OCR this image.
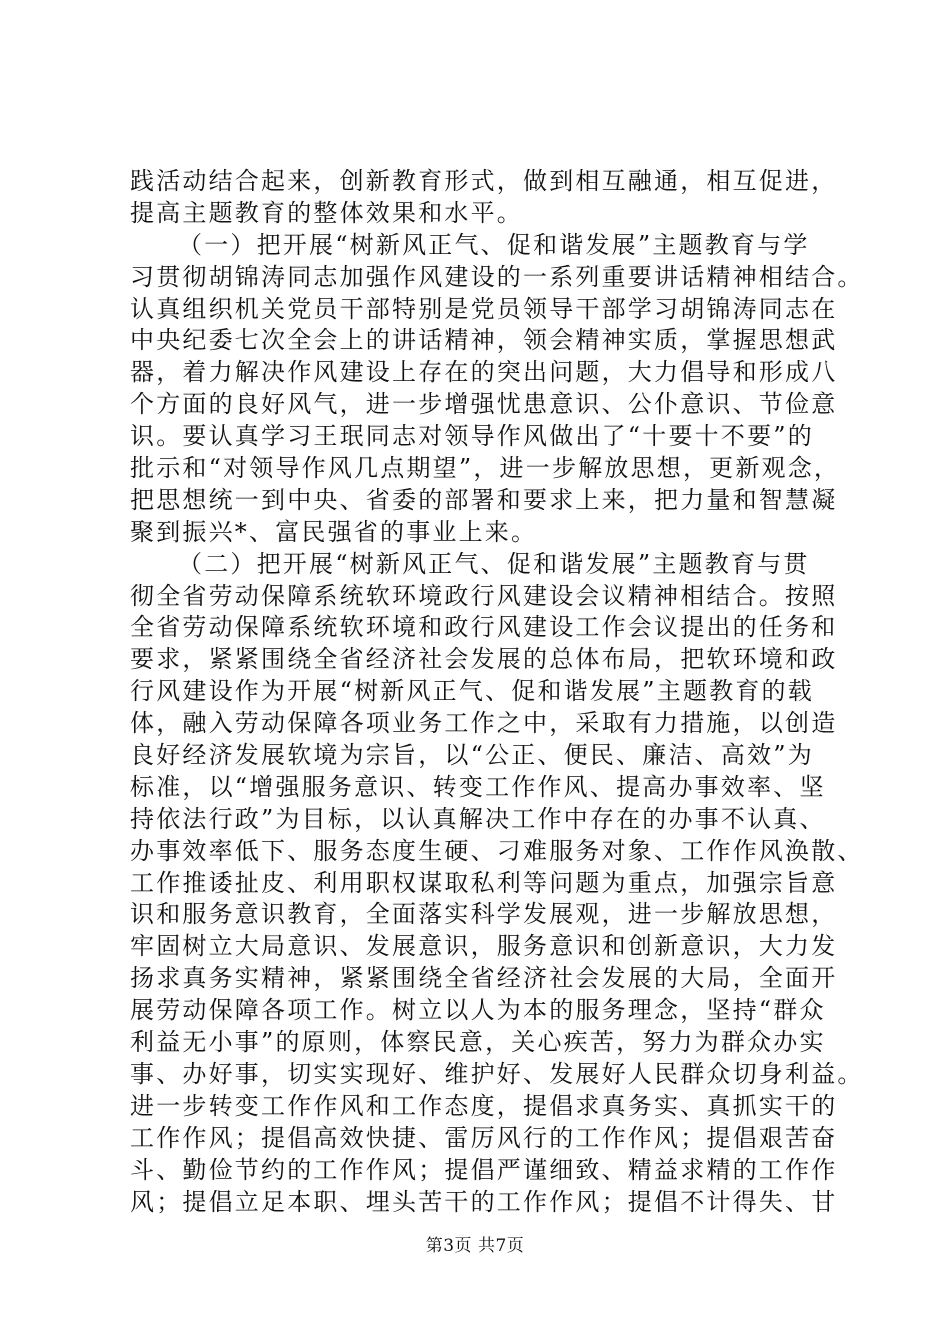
践活动结合起来，创新教育形式，做到相互融通，相互促进，
提高主题教育的整体效果和水平。
（一）把开展“树新风正气、促和谐发展”主题教育与学
习贯彻胡锦涛同志加强作风建设的一系列重要讲话精神相结合。
认真组织机关党员干部特别是党员领导干部学习胡锦涛同志在
中央纪委七次全会上的讲话精神，领会精神实质，掌握思想武
器，着力解决作风建设上存在的突出问题，大力倡导和形成八
个方面的良好风气，进一步增强忧患意识、公仆意识、节俭意
识。要认真学习王珉同志对领导作风做出了“十要十不要”的
批示和“对领导作风几点期望”，进一步解放思想，更新观念，
把思想统一到中央、省委的部署和要求上来，把力量和智慧凝
聚到振兴*、富民强省的事业上来。
（二）把开展“树新风正气、促和谐发展”主题教育与贯
彻全省劳动保障系统软环境政行风建设会议精神相结合。按照
全省劳动保障系统软环境和政行风建设工作会议提出的任务和
要求，紧紧围绕全省经济社会发展的总体布局，把软环境和政
行风建设作为开展“树新风正气、促和谐发展”主题教育的载
体，融入劳动保障各项业务工作之中，采取有力措施，以创造
良好经济发展软境为宗旨，以“公正、便民、廉洁、高效”为
标准，以“增强服务意识、转变工作作风、提高办事效率、坚
持依法行政”为目标，以认真解决工作中存在的办事不认真、
办事效率低下、服务态度生硬、刁难服务对象、工作作风涣散、
工作推诿扯皮、利用职权谋取私利等问题为重点，加强宗旨意
识和服务意识教育，全面落实科学发展观，进一步解放思想，
牢固树立大局意识、发展意识，服务意识和创新意识，大力发
扬求真务实精神，紧紧围绕全省经济社会发展的大局，全面开
展劳动保障各项工作。树立以人为本的服务理念，坚持“群众
利益无小事”的原则，体察民意，关心疾苦，努力为群众办实
事、办好事，切实实现好、维护好、发展好人民群众切身利益。
进一步转变工作作风和工作态度，提倡求真务实、真抓实干的
工作作风；提倡高效快捷、雷厉风行的工作作风；提倡艰苦奋
斗、勤俭节约的工作作风；提倡严谨细致、精益求精的工作作
风；提倡立足本职、埋头苦干的工作作风；提倡不计得失、甘
第3页 共7页
